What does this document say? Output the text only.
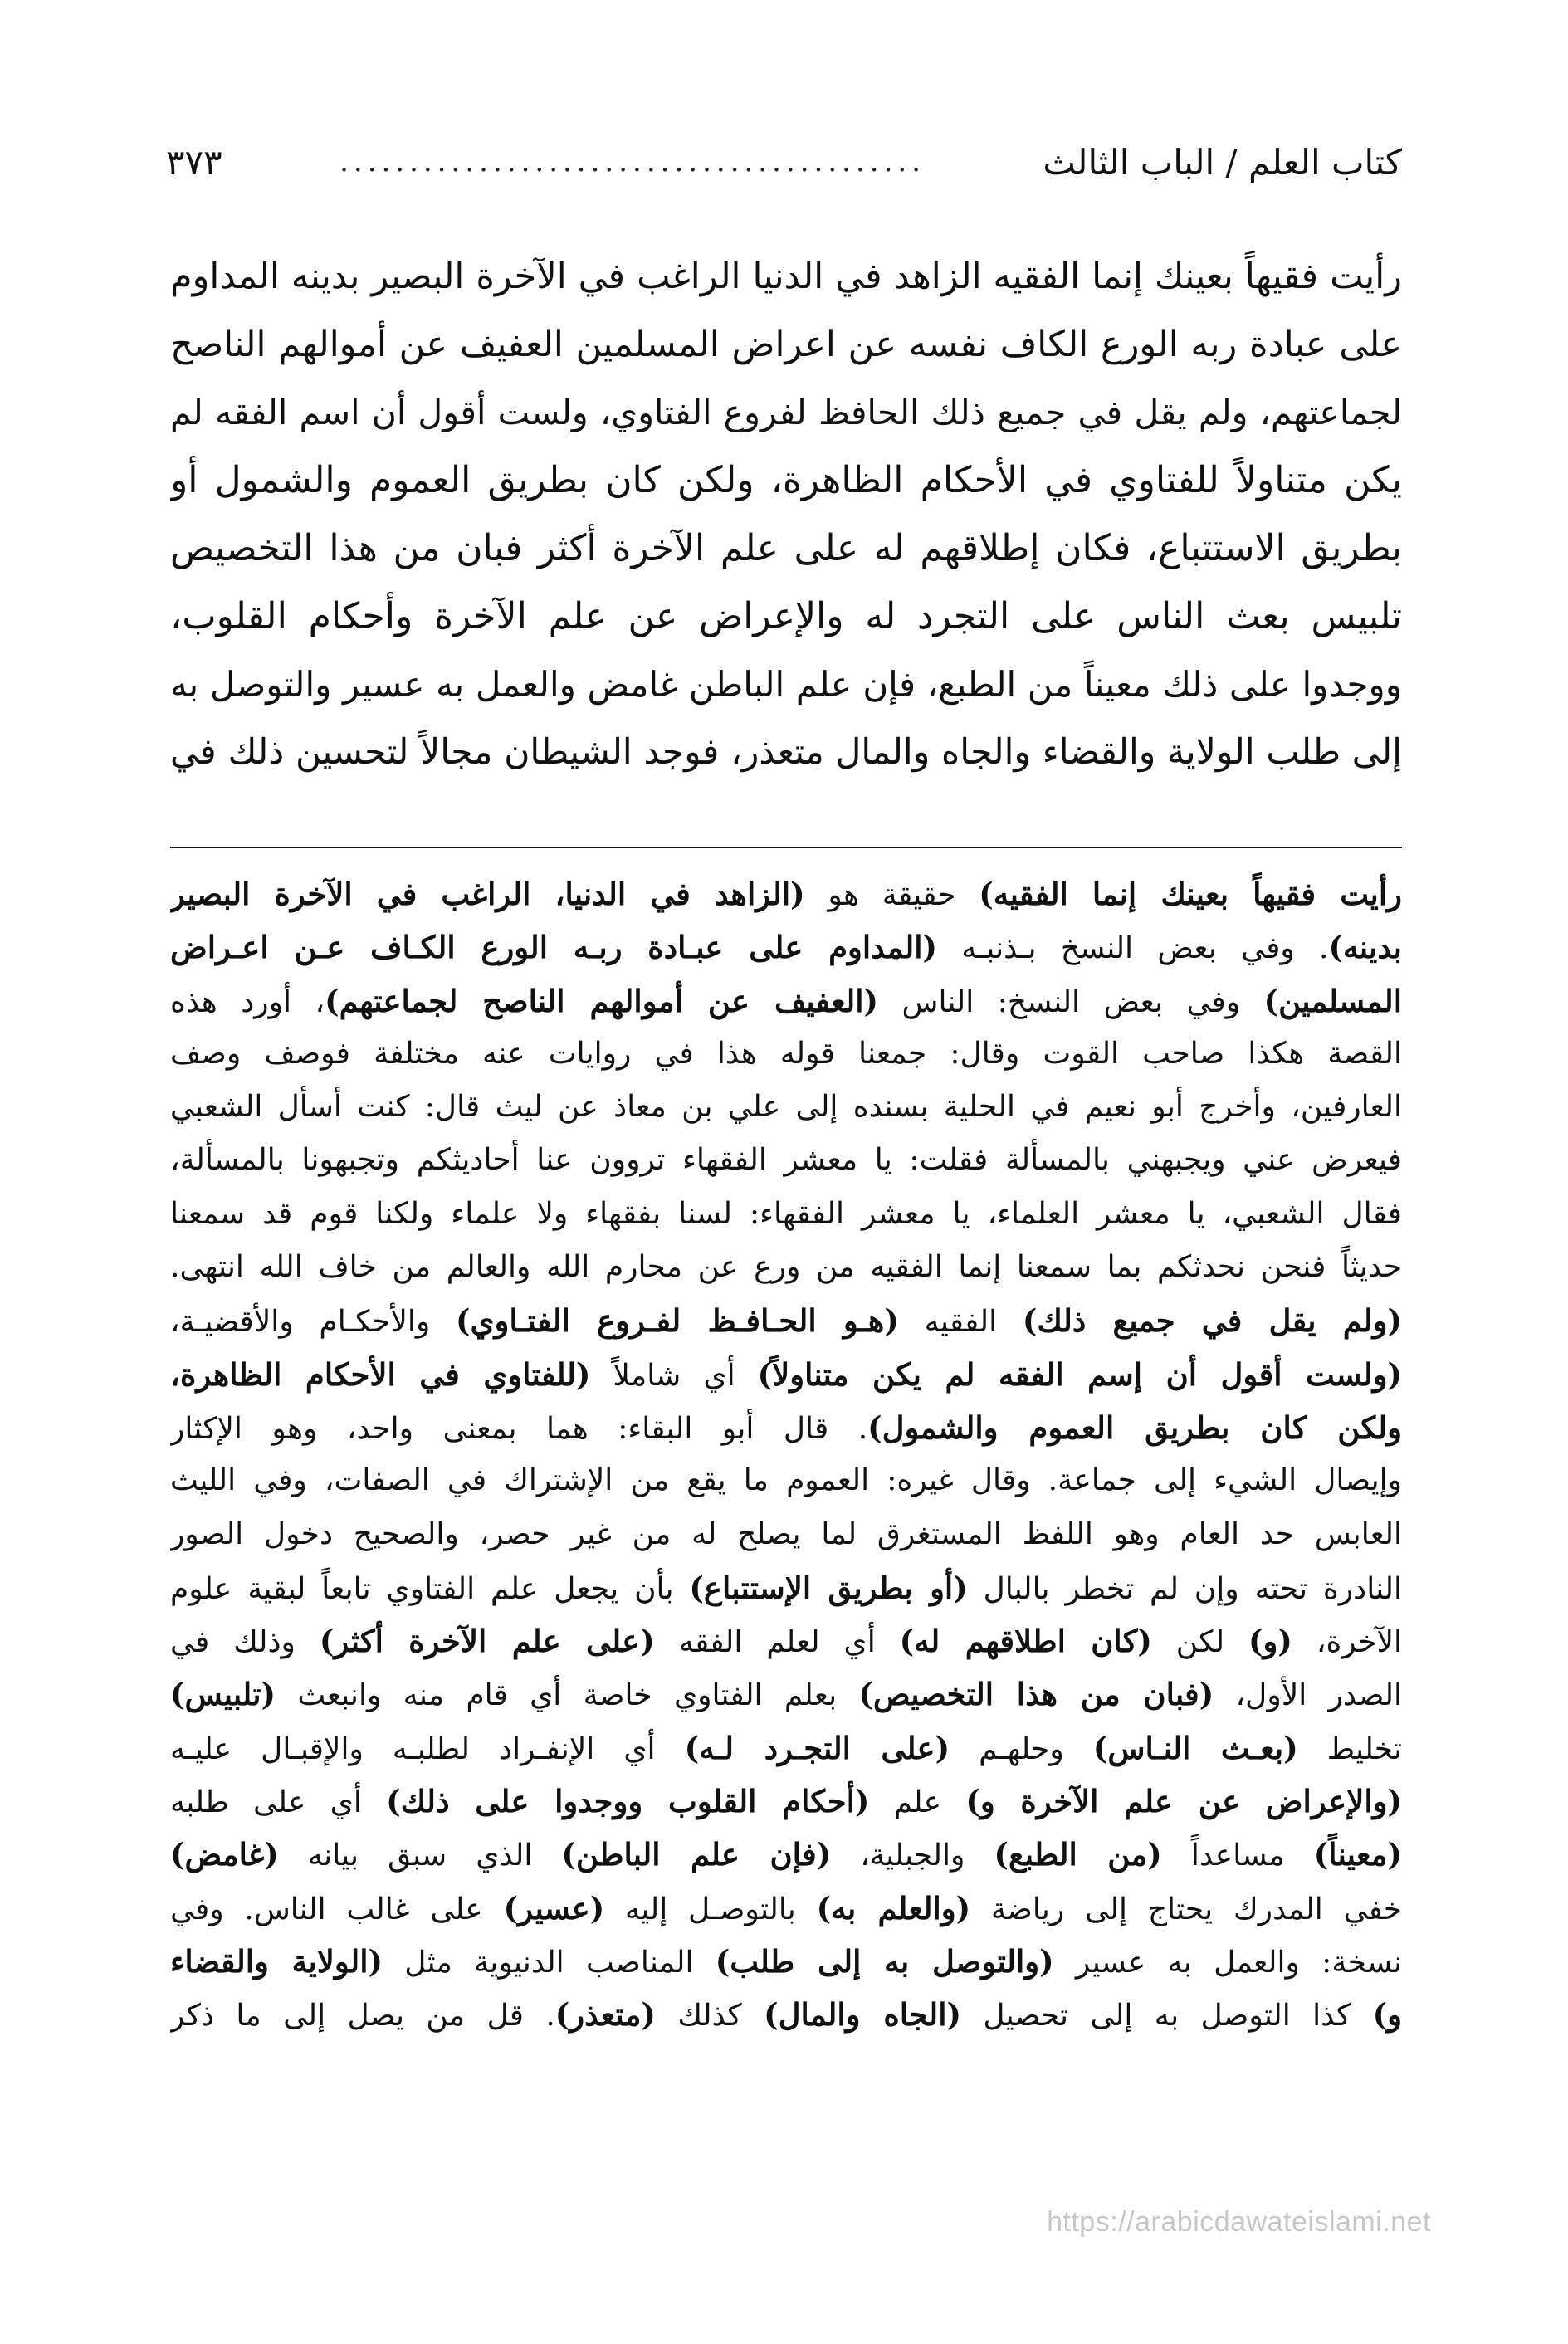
كتاب العلم / الباب الثالث
..........................................
٣٧٣
رأيت فقيهاً بعينك إنما الفقيه الزاهد في الدنيا الراغب في الآخرة البصير بدينه المداوم
على عبادة ربه الورع الكاف نفسه عن اعراض المسلمين العفيف عن أموالهم الناصح
لجماعتهم، ولم يقل في جميع ذلك الحافظ لفروع الفتاوي، ولست أقول أن اسم الفقه لم
يكن متناولاً للفتاوي في الأحكام الظاهرة، ولكن كان بطريق العموم والشمول أو
بطريق الاستتباع، فكان إطلاقهم له على علم الآخرة أكثر فبان من هذا التخصيص
تلبيس بعث الناس على التجرد له والإعراض عن علم الآخرة وأحكام القلوب،
ووجدوا على ذلك معيناً من الطبع، فإن علم الباطن غامض والعمل به عسير والتوصل به
إلى طلب الولاية والقضاء والجاه والمال متعذر، فوجد الشيطان مجالاً لتحسين ذلك في
رأيت فقيهاً بعينك إنما الفقيه) حقيقة هو (الزاهد في الدنيا، الراغب في الآخرة البصير
بدينه). وفي بعض النسخ بـذنبـه (المداوم على عبـادة ربـه الورع الكـاف عـن اعـراض
المسلمين) وفي بعض النسخ: الناس (العفيف عن أموالهم الناصح لجماعتهم)، أورد هذه
القصة هكذا صاحب القوت وقال: جمعنا قوله هذا في روايات عنه مختلفة فوصف وصف
العارفين، وأخرج أبو نعيم في الحلية بسنده إلى علي بن معاذ عن ليث قال: كنت أسأل الشعبي
فيعرض عني ويجبهني بالمسألة فقلت: يا معشر الفقهاء تروون عنا أحاديثكم وتجبهونا بالمسألة،
فقال الشعبي، يا معشر العلماء، يا معشر الفقهاء: لسنا بفقهاء ولا علماء ولكنا قوم قد سمعنا
حديثاً فنحن نحدثكم بما سمعنا إنما الفقيه من ورع عن محارم الله والعالم من خاف الله انتهى.
(ولم يقل في جميع ذلك) الفقيه (هـو الحـافـظ لفـروع الفتـاوي) والأحكـام والأقضيـة،
(ولست أقول أن إسم الفقه لم يكن متناولاً) أي شاملاً (للفتاوي في الأحكام الظاهرة،
ولكن كان بطريق العموم والشمول). قال أبو البقاء: هما بمعنى واحد، وهو الإكثار
وإيصال الشيء إلى جماعة. وقال غيره: العموم ما يقع من الإشتراك في الصفات، وفي الليث
العابس حد العام وهو اللفظ المستغرق لما يصلح له من غير حصر، والصحيح دخول الصور
النادرة تحته وإن لم تخطر بالبال (أو بطريق الإستتباع) بأن يجعل علم الفتاوي تابعاً لبقية علوم
الآخرة، (و) لكن (كان اطلاقهم له) أي لعلم الفقه (على علم الآخرة أكثر) وذلك في
الصدر الأول، (فبان من هذا التخصيص) بعلم الفتاوي خاصة أي قام منه وانبعث (تلبيس)
تخليط (بعـث النـاس) وحلهـم (على التجـرد لـه) أي الإنفـراد لطلبـه والإقبـال عليـه
(والإعراض عن علم الآخرة و) علم (أحكام القلوب ووجدوا على ذلك) أي على طلبه
(معيناً) مساعداً (من الطبع) والجبلية، (فإن علم الباطن) الذي سبق بيانه (غامض)
خفي المدرك يحتاج إلى رياضة (والعلم به) بالتوصـل إليه (عسير) على غالب الناس. وفي
نسخة: والعمل به عسير (والتوصل به إلى طلب) المناصب الدنيوية مثل (الولاية والقضاء
و) كذا التوصل به إلى تحصيل (الجاه والمال) كذلك (متعذر). قل من يصل إلى ما ذكر
https://arabicdawateislami.net
